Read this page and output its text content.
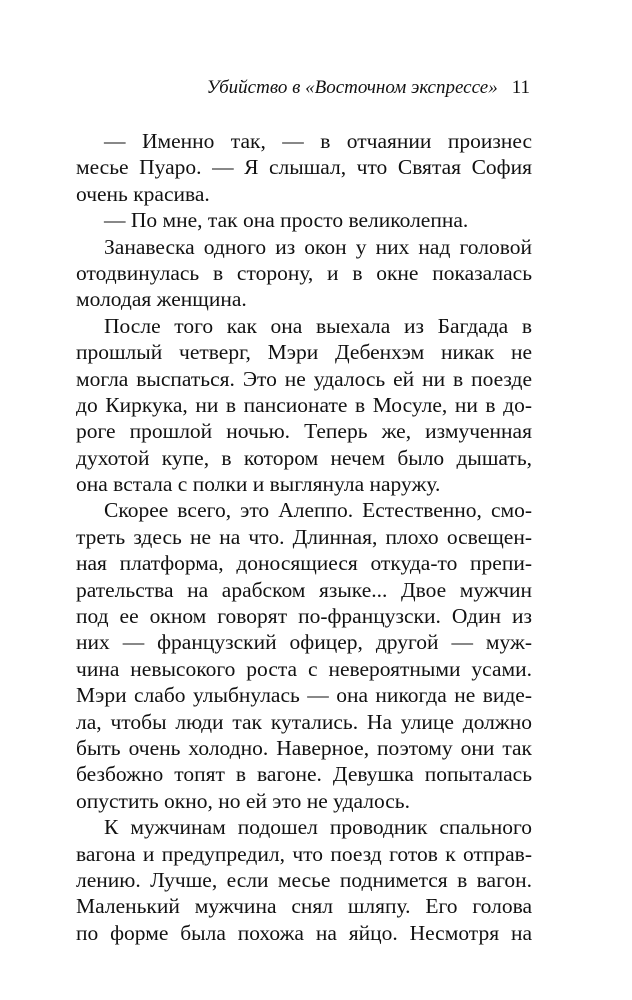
Убийство в «Восточном экспрессе» 11
— Именно так, — в отчаянии произнес
месье Пуаро. — Я слышал, что Святая София
очень красива.
— По мне, так она просто великолепна.
Занавеска одного из окон у них над головой
отодвинулась в сторону, и в окне показалась
молодая женщина.
После того как она выехала из Багдада в
прошлый четверг, Мэри Дебенхэм никак не
могла выспаться. Это не удалось ей ни в поезде
до Киркука, ни в пансионате в Мосуле, ни в до-
роге прошлой ночью. Теперь же, измученная
духотой купе, в котором нечем было дышать,
она встала с полки и выглянула наружу.
Скорее всего, это Алеппо. Естественно, смо-
треть здесь не на что. Длинная, плохо освещен-
ная платформа, доносящиеся откуда-то препи-
рательства на арабском языке... Двое мужчин
под ее окном говорят по-французски. Один из
них — французский офицер, другой — муж-
чина невысокого роста с невероятными усами.
Мэри слабо улыбнулась — она никогда не виде-
ла, чтобы люди так кутались. На улице должно
быть очень холодно. Наверное, поэтому они так
безбожно топят в вагоне. Девушка попыталась
опустить окно, но ей это не удалось.
К мужчинам подошел проводник спального
вагона и предупредил, что поезд готов к отправ-
лению. Лучше, если месье поднимется в вагон.
Маленький мужчина снял шляпу. Его голова
по форме была похожа на яйцо. Несмотря на
